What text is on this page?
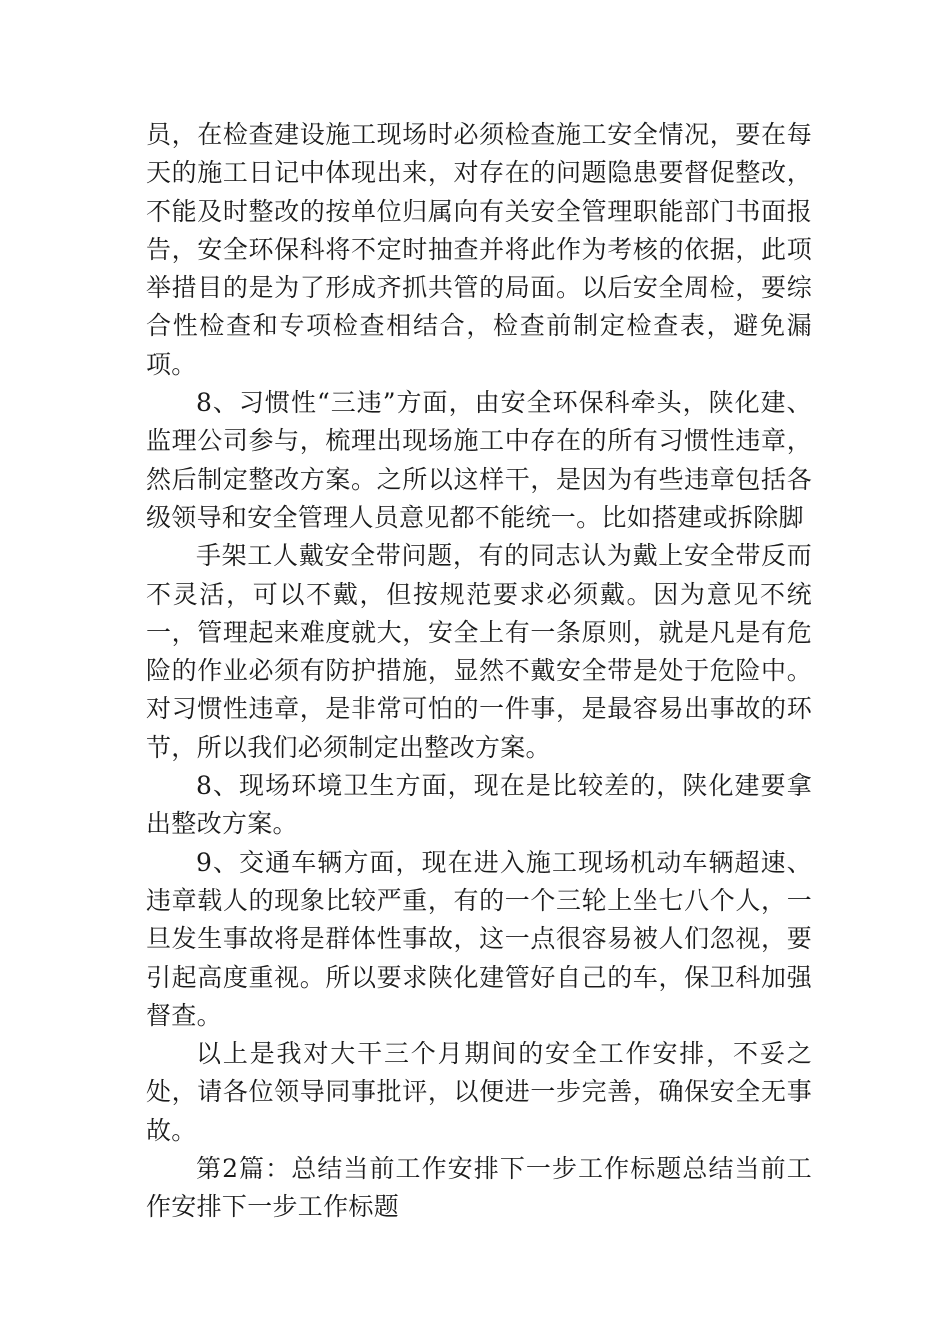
员，在检查建设施工现场时必须检查施工安全情况，要在每天的施工日记中体现出来，对存在的问题隐患要督促整改，不能及时整改的按单位归属向有关安全管理职能部门书面报告，安全环保科将不定时抽查并将此作为考核的依据，此项举措目的是为了形成齐抓共管的局面。以后安全周检，要综合性检查和专项检查相结合，检查前制定检查表，避免漏项。

8、习惯性“三违”方面，由安全环保科牵头，陕化建、监理公司参与，梳理出现场施工中存在的所有习惯性违章，然后制定整改方案。之所以这样干，是因为有些违章包括各级领导和安全管理人员意见都不能统一。比如搭建或拆除脚

手架工人戴安全带问题，有的同志认为戴上安全带反而不灵活，可以不戴，但按规范要求必须戴。因为意见不统一，管理起来难度就大，安全上有一条原则，就是凡是有危险的作业必须有防护措施，显然不戴安全带是处于危险中。对习惯性违章，是非常可怕的一件事，是最容易出事故的环节，所以我们必须制定出整改方案。

8、现场环境卫生方面，现在是比较差的，陕化建要拿出整改方案。

9、交通车辆方面，现在进入施工现场机动车辆超速、违章载人的现象比较严重，有的一个三轮上坐七八个人，一旦发生事故将是群体性事故，这一点很容易被人们忽视，要引起高度重视。所以要求陕化建管好自己的车，保卫科加强督查。

以上是我对大干三个月期间的安全工作安排，不妥之处，请各位领导同事批评，以便进一步完善，确保安全无事故。

第2篇：总结当前工作安排下一步工作标题总结当前工作安排下一步工作标题
